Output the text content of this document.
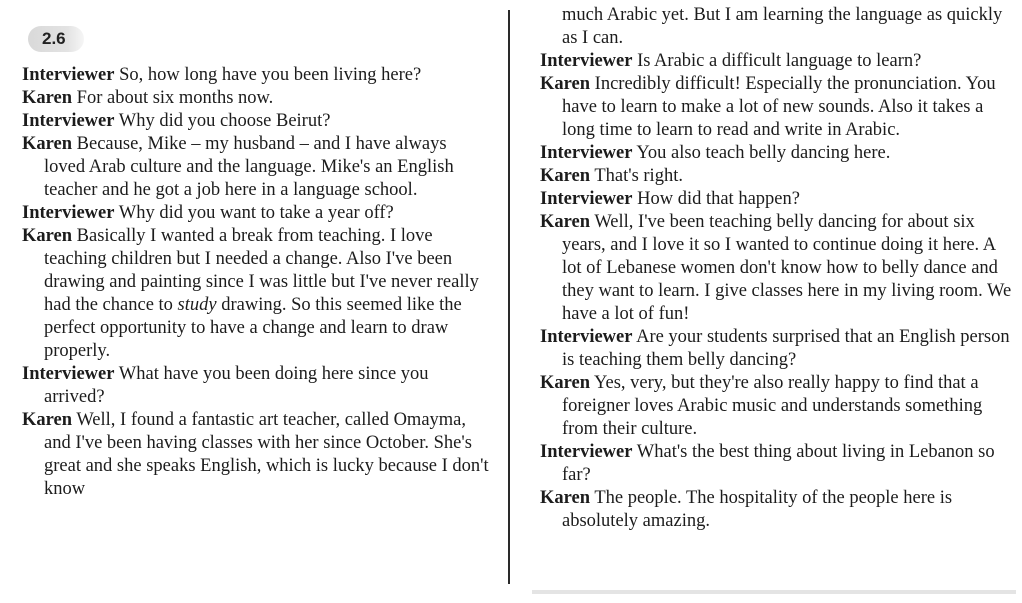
2.6
Interviewer So, how long have you been living here?
Karen For about six months now.
Interviewer Why did you choose Beirut?
Karen Because, Mike – my husband – and I have always loved Arab culture and the language. Mike's an English teacher and he got a job here in a language school.
Interviewer Why did you want to take a year off?
Karen Basically I wanted a break from teaching. I love teaching children but I needed a change. Also I've been drawing and painting since I was little but I've never really had the chance to study drawing. So this seemed like the perfect opportunity to have a change and learn to draw properly.
Interviewer What have you been doing here since you arrived?
Karen Well, I found a fantastic art teacher, called Omayma, and I've been having classes with her since October. She's great and she speaks English, which is lucky because I don't know
much Arabic yet. But I am learning the language as quickly as I can.
Interviewer Is Arabic a difficult language to learn?
Karen Incredibly difficult! Especially the pronunciation. You have to learn to make a lot of new sounds. Also it takes a long time to learn to read and write in Arabic.
Interviewer You also teach belly dancing here.
Karen That's right.
Interviewer How did that happen?
Karen Well, I've been teaching belly dancing for about six years, and I love it so I wanted to continue doing it here. A lot of Lebanese women don't know how to belly dance and they want to learn. I give classes here in my living room. We have a lot of fun!
Interviewer Are your students surprised that an English person is teaching them belly dancing?
Karen Yes, very, but they're also really happy to find that a foreigner loves Arabic music and understands something from their culture.
Interviewer What's the best thing about living in Lebanon so far?
Karen The people. The hospitality of the people here is absolutely amazing.
